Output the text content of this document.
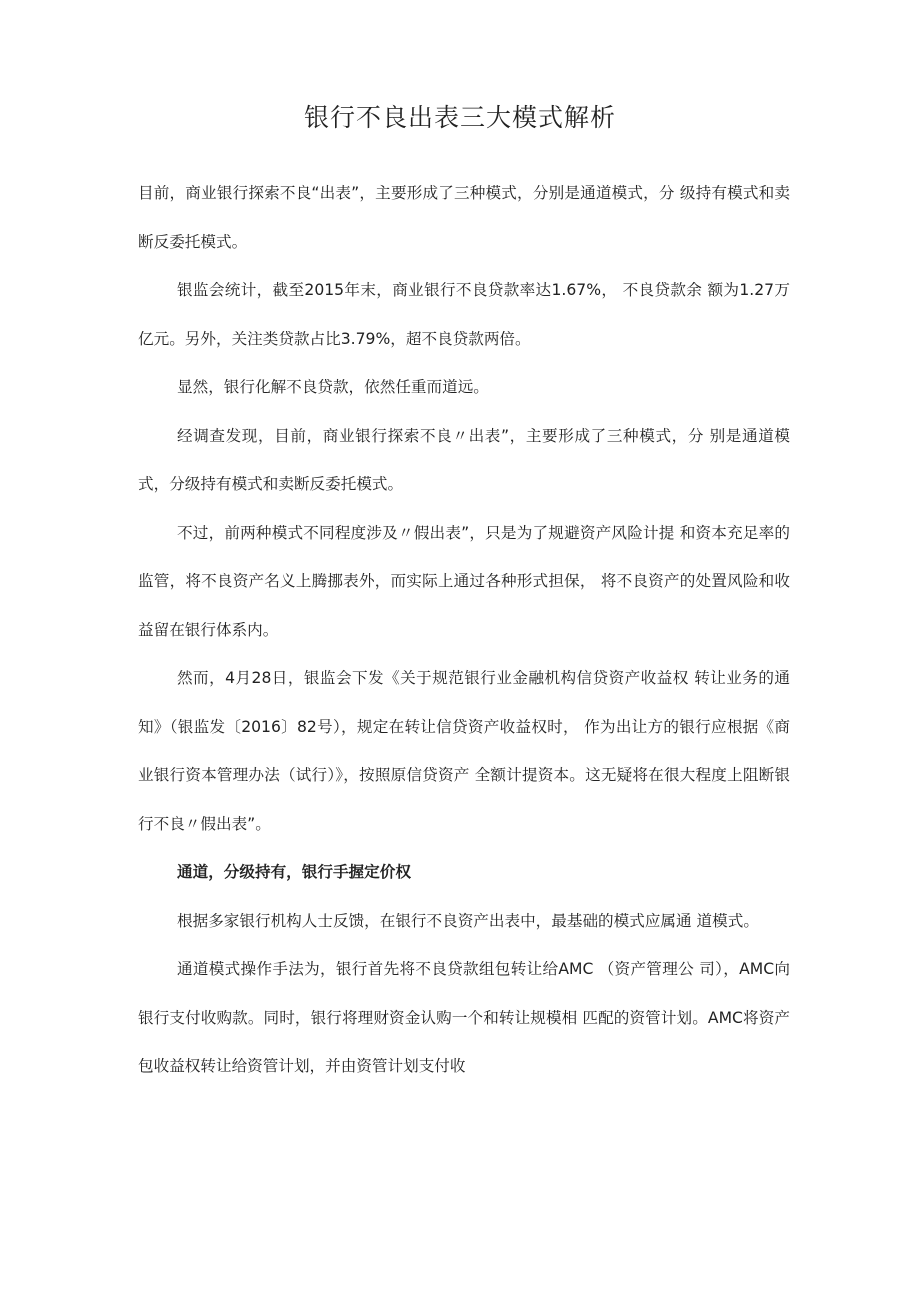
银行不良出表三大模式解析

目前，商业银行探索不良“出表”，主要形成了三种模式，分别是通道模式，分 级持有模式和卖断反委托模式。

银监会统计，截至2015年末，商业银行不良贷款率达1.67%， 不良贷款余 额为1.27万亿元。另外，关注类贷款占比3.79%，超不良贷款两倍。

显然，银行化解不良贷款，依然任重而道远。

经调查发现，目前，商业银行探索不良〃出表”，主要形成了三种模式，分 别是通道模式，分级持有模式和卖断反委托模式。

不过，前两种模式不同程度涉及〃假出表”，只是为了规避资产风险计提 和资本充足率的监管，将不良资产名义上腾挪表外，而实际上通过各种形式担保， 将不良资产的处置风险和收益留在银行体系内。

然而，4月28日，银监会下发《关于规范银行业金融机构信贷资产收益权 转让业务的通知》（银监发〔2016〕82号），规定在转让信贷资产收益权时， 作为出让方的银行应根据《商业银行资本管理办法（试行）》，按照原信贷资产 全额计提资本。这无疑将在很大程度上阻断银行不良〃假出表”。

通道，分级持有，银行手握定价权

根据多家银行机构人士反馈，在银行不良资产出表中，最基础的模式应属通 道模式。

通道模式操作手法为，银行首先将不良贷款组包转让给AMC （资产管理公 司），AMC向银行支付收购款。同时，银行将理财资金认购一个和转让规模相 匹配的资管计划。AMC将资产包收益权转让给资管计划，并由资管计划支付收
